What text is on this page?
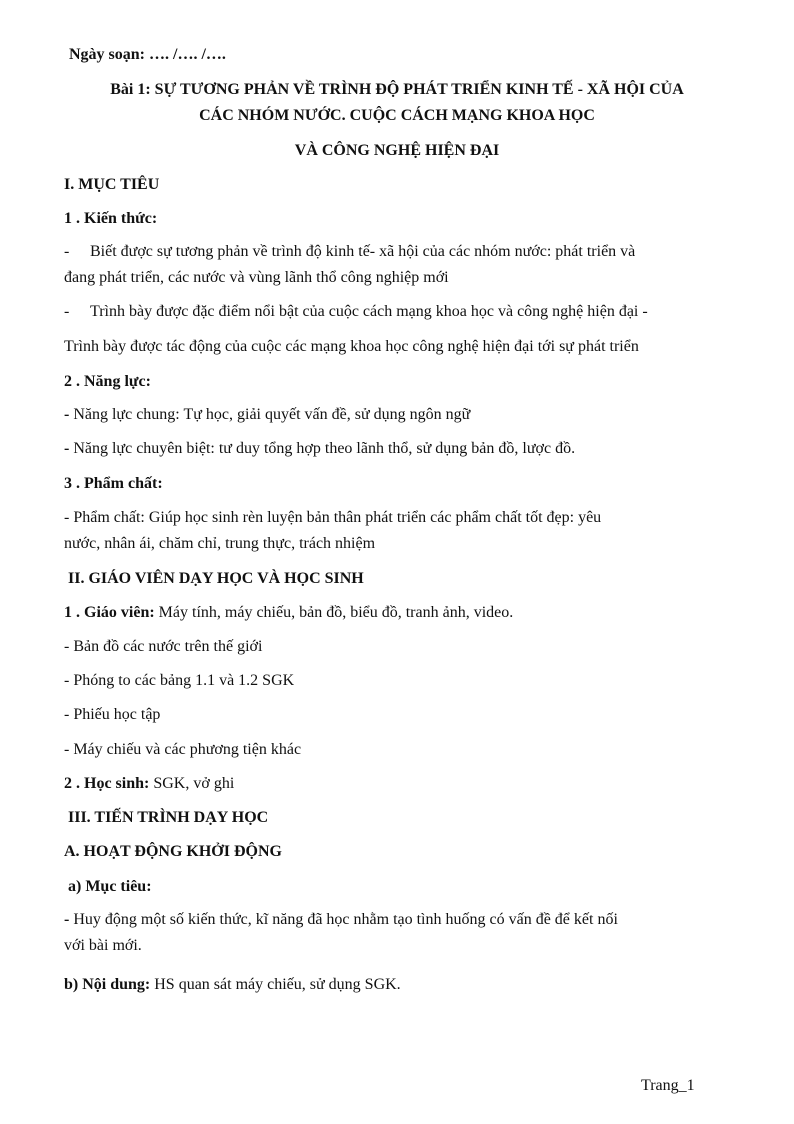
Ngày soạn: …. /…. /….
Bài 1: SỰ TƯƠNG PHẢN VỀ TRÌNH ĐỘ PHÁT TRIỂN KINH TẾ - XÃ HỘI CỦA
CÁC NHÓM NƯỚC. CUỘC CÁCH MẠNG KHOA HỌC
VÀ CÔNG NGHỆ HIỆN ĐẠI
I. MỤC TIÊU
1 . Kiến thức:
- Biết được sự tương phản về trình độ kinh tế- xã hội của các nhóm nước: phát triển và
đang phát triển, các nước và vùng lãnh thổ công nghiệp mới
- Trình bày được đặc điểm nổi bật của cuộc cách mạng khoa học và công nghệ hiện đại -
Trình bày được tác động của cuộc các mạng khoa học công nghệ hiện đại tới sự phát triển
2 . Năng lực:
- Năng lực chung: Tự học, giải quyết vấn đề, sử dụng ngôn ngữ
- Năng lực chuyên biệt: tư duy tổng hợp theo lãnh thổ, sử dụng bản đồ, lược đồ.
3 . Phẩm chất:
- Phẩm chất: Giúp học sinh rèn luyện bản thân phát triển các phẩm chất tốt đẹp: yêu
nước, nhân ái, chăm chỉ, trung thực, trách nhiệm
II. GIÁO VIÊN DẠY HỌC VÀ HỌC SINH
1 . Giáo viên: Máy tính, máy chiếu, bản đồ, biểu đồ, tranh ảnh, video.
- Bản đồ các nước trên thế giới
- Phóng to các bảng 1.1 và 1.2 SGK
- Phiếu học tập
- Máy chiếu và các phương tiện khác
2 . Học sinh: SGK, vở ghi
III. TIẾN TRÌNH DẠY HỌC
A. HOẠT ĐỘNG KHỞI ĐỘNG
a) Mục tiêu:
- Huy động một số kiến thức, kĩ năng đã học nhằm tạo tình huống có vấn đề để kết nối
với bài mới.
b) Nội dung: HS quan sát máy chiếu, sử dụng SGK.
Trang_1
